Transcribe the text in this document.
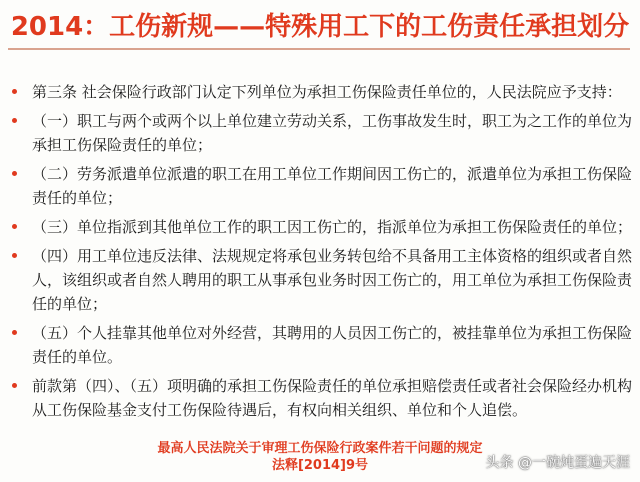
2014：工伤新规——特殊用工下的工伤责任承担划分
第三条 社会保险行政部门认定下列单位为承担工伤保险责任单位的，人民法院应予支持：
（一）职工与两个或两个以上单位建立劳动关系，工伤事故发生时，职工为之工作的单位为承担工伤保险责任的单位；
（二）劳务派遣单位派遣的职工在用工单位工作期间因工伤亡的，派遣单位为承担工伤保险责任的单位；
（三）单位指派到其他单位工作的职工因工伤亡的，指派单位为承担工伤保险责任的单位；
（四）用工单位违反法律、法规规定将承包业务转包给不具备用工主体资格的组织或者自然人，该组织或者自然人聘用的职工从事承包业务时因工伤亡的，用工单位为承担工伤保险责任的单位；
（五）个人挂靠其他单位对外经营，其聘用的人员因工伤亡的，被挂靠单位为承担工伤保险责任的单位。
前款第（四）、（五）项明确的承担工伤保险责任的单位承担赔偿责任或者社会保险经办机构从工伤保险基金支付工伤保险待遇后，有权向相关组织、单位和个人追偿。
最高人民法院关于审理工伤保险行政案件若干问题的规定
法释[2014]9号	头条 @一碗炖蛋遍天涯
